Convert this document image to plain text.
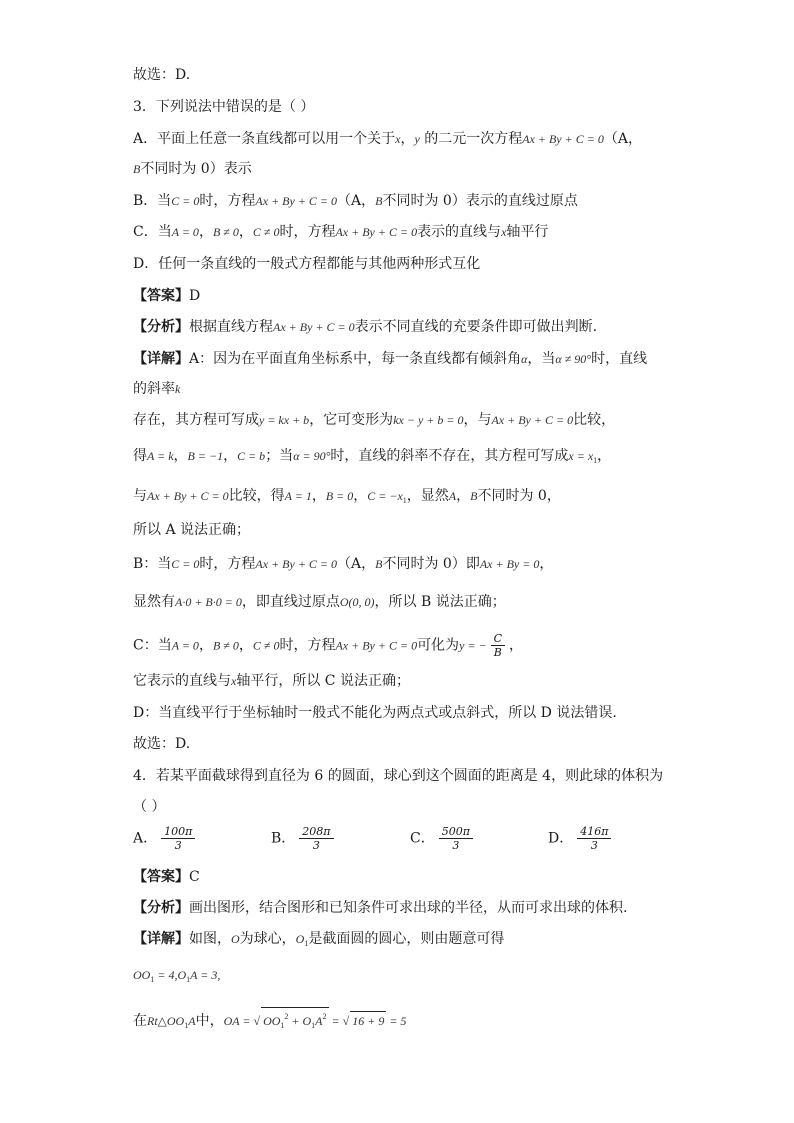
故选：D.
3．下列说法中错误的是（ ）
A．平面上任意一条直线都可以用一个关于x，y 的二元一次方程Ax + By + C = 0（A，
B不同时为 0）表示
B．当C = 0时，方程Ax + By + C = 0（A，B不同时为 0）表示的直线过原点
C．当A = 0，B ≠ 0，C ≠ 0时，方程Ax + By + C = 0表示的直线与x轴平行
D．任何一条直线的一般式方程都能与其他两种形式互化
【答案】D
【分析】根据直线方程Ax + By + C = 0表示不同直线的充要条件即可做出判断.
【详解】A：因为在平面直角坐标系中，每一条直线都有倾斜角α，当α ≠ 90°时，直线
的斜率k
存在，其方程可写成y = kx + b，它可变形为kx − y + b = 0，与Ax + By + C = 0比较，
得A = k，B = −1，C = b；当α = 90°时，直线的斜率不存在，其方程可写成$x = x_1$，
与Ax + By + C = 0比较，得A = 1，B = 0，$C = -x_1$，显然A，B不同时为 0，
所以 A 说法正确；
B：当C = 0时，方程Ax + By + C = 0（A，B不同时为 0）即Ax + By = 0，
显然有A·0 + B·0 = 0，即直线过原点O(0, 0)，所以 B 说法正确；
C：当A = 0，B ≠ 0，C ≠ 0时，方程Ax + By + C = 0可化为y = − $\frac{C}{B}$ ，
它表示的直线与x轴平行，所以 C 说法正确；
D：当直线平行于坐标轴时一般式不能化为两点式或点斜式，所以 D 说法错误.
故选：D.
4．若某平面截球得到直径为 6 的圆面，球心到这个圆面的距离是 4，则此球的体积为
（ ）
A． $\frac{100\pi}{3}$	B． $\frac{208\pi}{3}$	C． $\frac{500\pi}{3}$	D． $\frac{416\pi}{3}$
【答案】C
【分析】画出图形，结合图形和已知条件可求出球的半径，从而可求出球的体积.
【详解】如图，O为球心，$O_1$是截面圆的圆心，则由题意可得
$OO_1 = 4,O_1A = 3$,
在$Rt\triangle OO_1A$中，OA = √ $OO_1^2 + O_1A^2$ = √ 16 + 9 = 5
